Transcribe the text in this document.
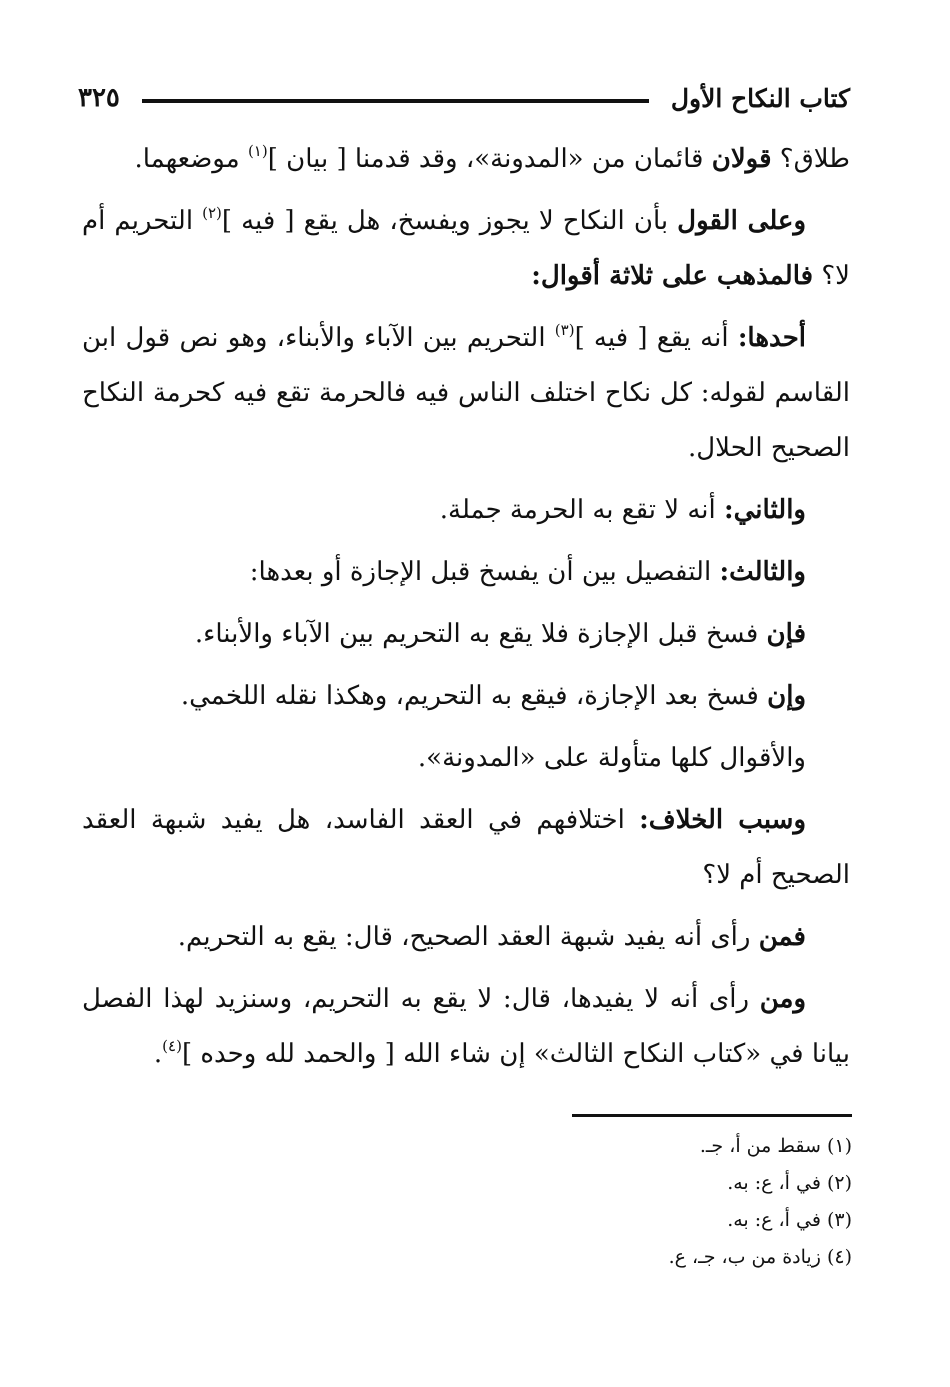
كتاب النكاح الأول
٣٢٥

طلاق؟ قولان قائمان من «المدونة»، وقد قدمنا [ بيان ]$^{(١)}$ موضعهما.

وعلى القول بأن النكاح لا يجوز ويفسخ، هل يقع [ فيه ]$^{(٢)}$ التحريم أم لا؟ فالمذهب على ثلاثة أقوال:

أحدها: أنه يقع [ فيه ]$^{(٣)}$ التحريم بين الآباء والأبناء، وهو نص قول ابن القاسم لقوله: كل نكاح اختلف الناس فيه فالحرمة تقع فيه كحرمة النكاح الصحيح الحلال.

والثاني: أنه لا تقع به الحرمة جملة.

والثالث: التفصيل بين أن يفسخ قبل الإجازة أو بعدها:

فإن فسخ قبل الإجازة فلا يقع به التحريم بين الآباء والأبناء.

وإن فسخ بعد الإجازة، فيقع به التحريم، وهكذا نقله اللخمي.

والأقوال كلها متأولة على «المدونة».

وسبب الخلاف: اختلافهم في العقد الفاسد، هل يفيد شبهة العقد الصحيح أم لا؟

فمن رأى أنه يفيد شبهة العقد الصحيح، قال: يقع به التحريم.

ومن رأى أنه لا يفيدها، قال: لا يقع به التحريم، وسنزيد لهذا الفصل بيانا في «كتاب النكاح الثالث» إن شاء الله [ والحمد لله وحده ]$^{(٤)}$.

(١) سقط من أ، جـ.

(٢) في أ، ع: به.

(٣) في أ، ع: به.

(٤) زيادة من ب، جـ، ع.
